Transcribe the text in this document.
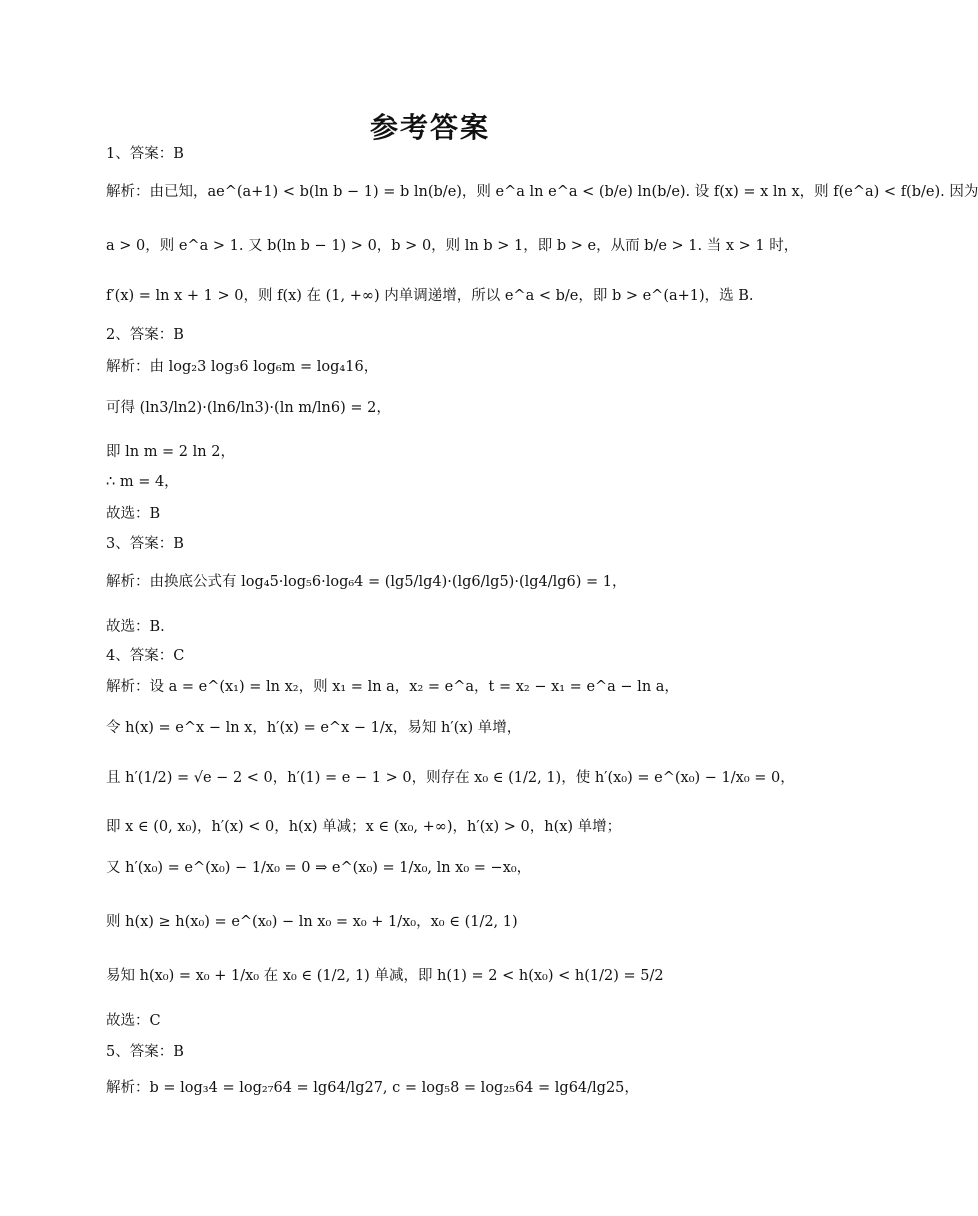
参考答案
1、答案：B
解析：由已知，ae^(a+1) < b(ln b − 1) = b ln(b/e)，则 e^a ln e^a < (b/e) ln(b/e). 设 f(x) = x ln x，则 f(e^a) < f(b/e). 因为
a > 0，则 e^a > 1. 又 b(ln b − 1) > 0，b > 0，则 ln b > 1，即 b > e，从而 b/e > 1. 当 x > 1 时，
f′(x) = ln x + 1 > 0，则 f(x) 在 (1, +∞) 内单调递增，所以 e^a < b/e，即 b > e^(a+1)，选 B.
2、答案：B
解析：由 log₂3 log₃6 log₆m = log₄16，
可得 (ln3/ln2)·(ln6/ln3)·(ln m/ln6) = 2，
即 ln m = 2 ln 2，
∴ m = 4，
故选：B
3、答案：B
解析：由换底公式有 log₄5·log₅6·log₆4 = (lg5/lg4)·(lg6/lg5)·(lg4/lg6) = 1，
故选：B.
4、答案：C
解析：设 a = e^(x₁) = ln x₂，则 x₁ = ln a，x₂ = e^a，t = x₂ − x₁ = e^a − ln a，
令 h(x) = e^x − ln x，h′(x) = e^x − 1/x，易知 h′(x) 单增，
且 h′(1/2) = √e − 2 < 0，h′(1) = e − 1 > 0，则存在 x₀ ∈ (1/2, 1)，使 h′(x₀) = e^(x₀) − 1/x₀ = 0，
即 x ∈ (0, x₀)，h′(x) < 0，h(x) 单减；x ∈ (x₀, +∞)，h′(x) > 0，h(x) 单增；
又 h′(x₀) = e^(x₀) − 1/x₀ = 0 ⇒ e^(x₀) = 1/x₀, ln x₀ = −x₀，
则 h(x) ≥ h(x₀) = e^(x₀) − ln x₀ = x₀ + 1/x₀，x₀ ∈ (1/2, 1)
易知 h(x₀) = x₀ + 1/x₀ 在 x₀ ∈ (1/2, 1) 单减，即 h(1) = 2 < h(x₀) < h(1/2) = 5/2
故选：C
5、答案：B
解析：b = log₃4 = log₂₇64 = lg64/lg27, c = log₅8 = log₂₅64 = lg64/lg25，
